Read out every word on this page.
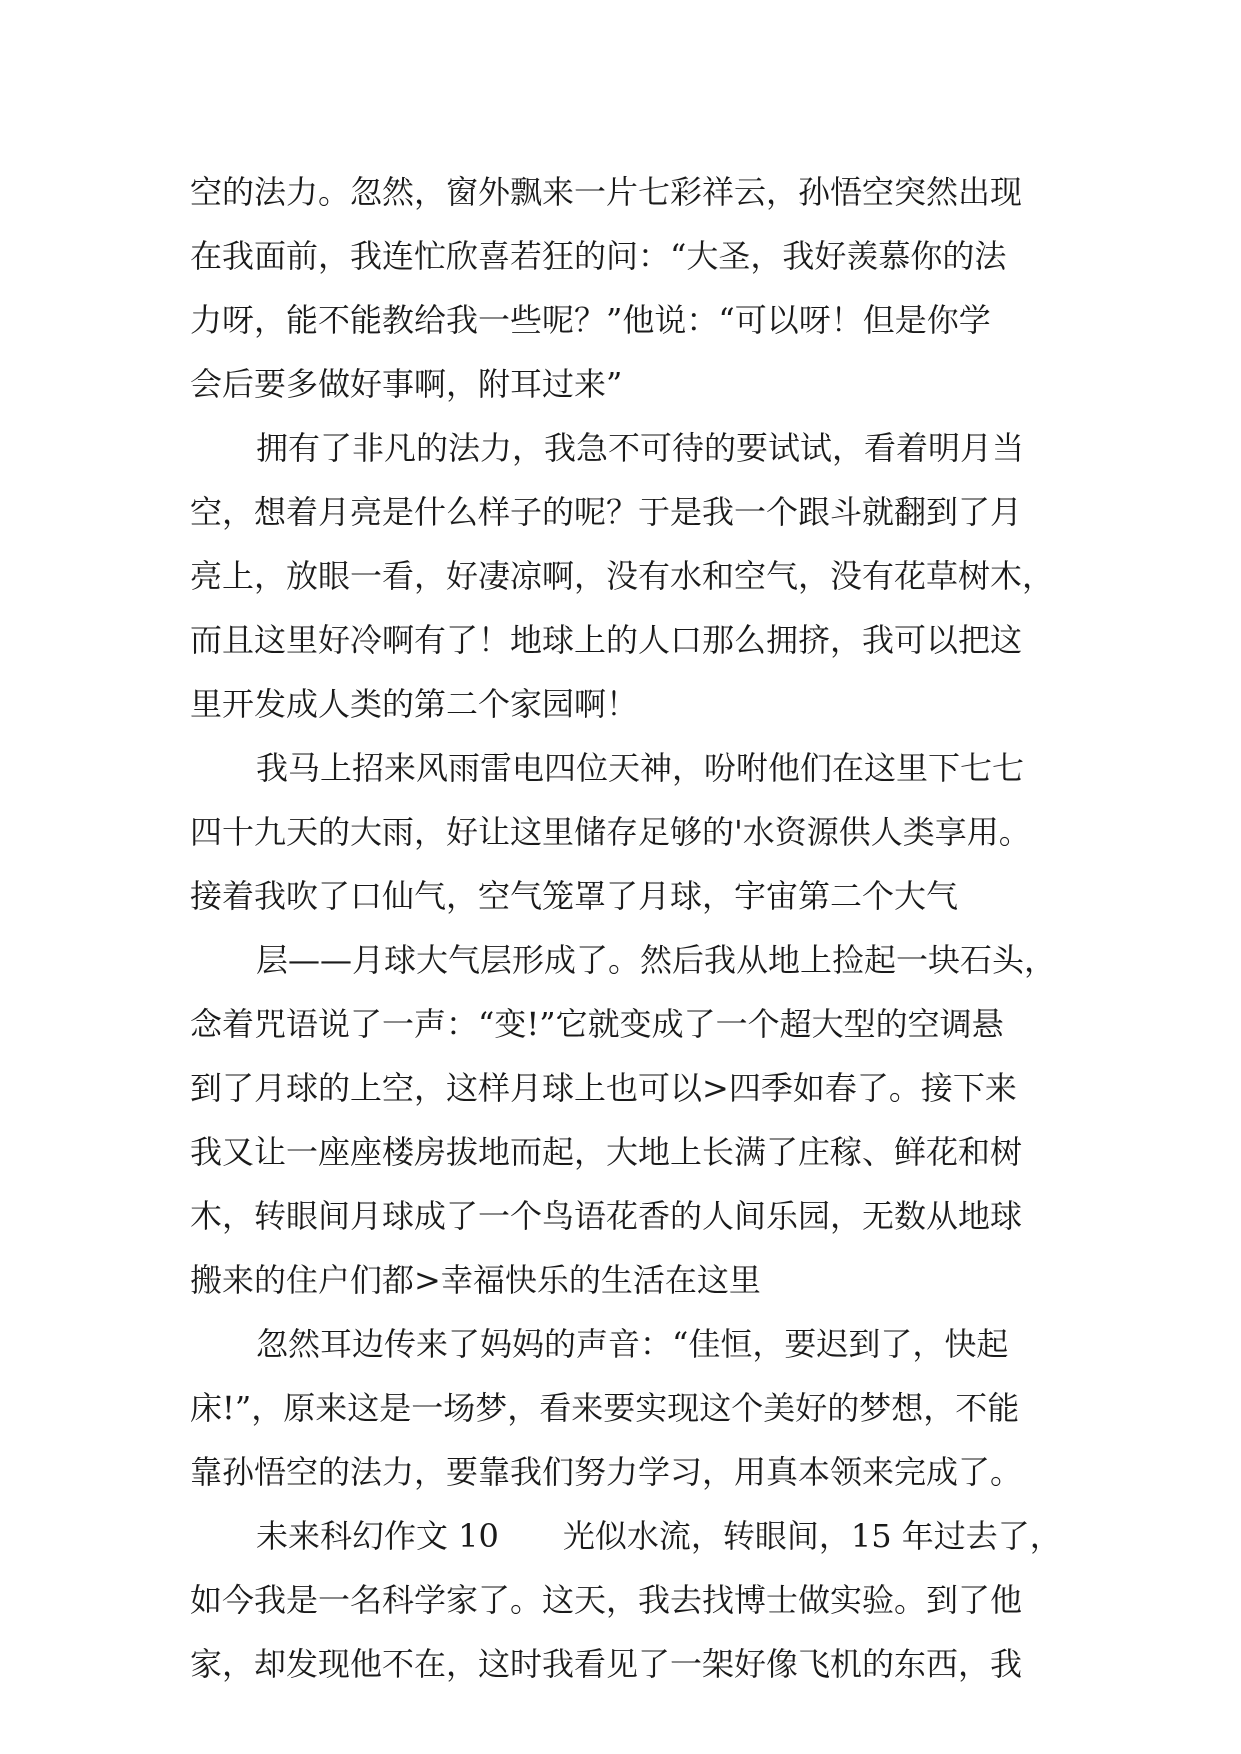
空的法力。忽然，窗外飘来一片七彩祥云，孙悟空突然出现
在我面前，我连忙欣喜若狂的问：“大圣，我好羡慕你的法
力呀，能不能教给我一些呢？”他说：“可以呀！但是你学
会后要多做好事啊，附耳过来”
拥有了非凡的法力，我急不可待的要试试，看着明月当
空，想着月亮是什么样子的呢？于是我一个跟斗就翻到了月
亮上，放眼一看，好凄凉啊，没有水和空气，没有花草树木，
而且这里好冷啊有了！地球上的人口那么拥挤，我可以把这
里开发成人类的第二个家园啊！
我马上招来风雨雷电四位天神，吩咐他们在这里下七七
四十九天的大雨，好让这里储存足够的'水资源供人类享用。
接着我吹了口仙气，空气笼罩了月球，宇宙第二个大气
层——月球大气层形成了。然后我从地上捡起一块石头，
念着咒语说了一声：“变!”它就变成了一个超大型的空调悬
到了月球的上空，这样月球上也可以>四季如春了。接下来
我又让一座座楼房拔地而起，大地上长满了庄稼、鲜花和树
木，转眼间月球成了一个鸟语花香的人间乐园，无数从地球
搬来的住户们都>幸福快乐的生活在这里
忽然耳边传来了妈妈的声音：“佳恒，要迟到了，快起
床!”，原来这是一场梦，看来要实现这个美好的梦想，不能
靠孙悟空的法力，要靠我们努力学习，用真本领来完成了。
未来科幻作文 10　　光似水流，转眼间，15 年过去了，
如今我是一名科学家了。这天，我去找博士做实验。到了他
家，却发现他不在，这时我看见了一架好像飞机的东西，我
